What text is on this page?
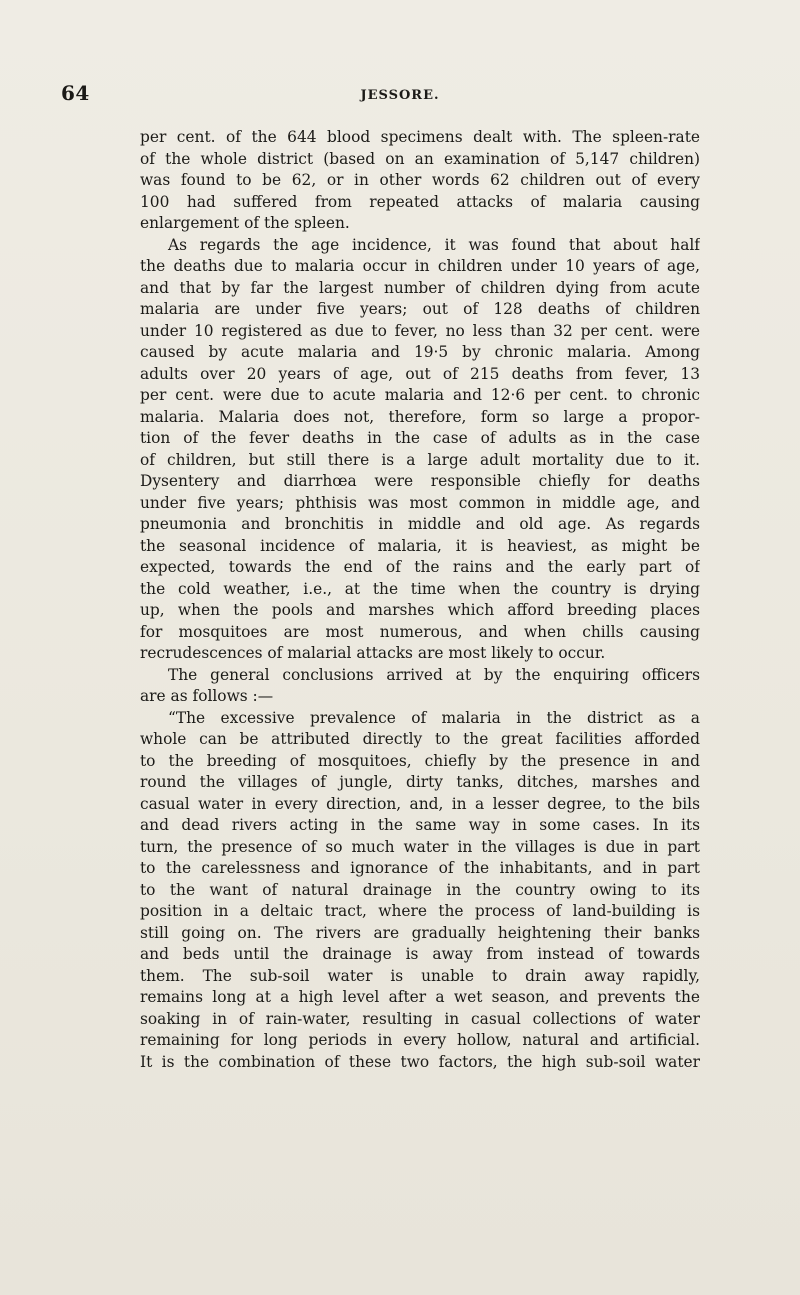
64	JESSORE.
per cent. of the 644 blood specimens dealt with. The spleen-rate
of the whole district (based on an examination of 5,147 children)
was found to be 62, or in other words 62 children out of every
100 had suffered from repeated attacks of malaria causing
enlargement of the spleen.
As regards the age incidence, it was found that about half
the deaths due to malaria occur in children under 10 years of age,
and that by far the largest number of children dying from acute
malaria are under five years; out of 128 deaths of children
under 10 registered as due to fever, no less than 32 per cent. were
caused by acute malaria and 19·5 by chronic malaria. Among
adults over 20 years of age, out of 215 deaths from fever, 13
per cent. were due to acute malaria and 12·6 per cent. to chronic
malaria. Malaria does not, therefore, form so large a propor-
tion of the fever deaths in the case of adults as in the case
of children, but still there is a large adult mortality due to it.
Dysentery and diarrhœa were responsible chiefly for deaths
under five years; phthisis was most common in middle age, and
pneumonia and bronchitis in middle and old age. As regards
the seasonal incidence of malaria, it is heaviest, as might be
expected, towards the end of the rains and the early part of
the cold weather, i.e., at the time when the country is drying
up, when the pools and marshes which afford breeding places
for mosquitoes are most numerous, and when chills causing
recrudescences of malarial attacks are most likely to occur.
The general conclusions arrived at by the enquiring officers
are as follows :—
“The excessive prevalence of malaria in the district as a
whole can be attributed directly to the great facilities afforded
to the breeding of mosquitoes, chiefly by the presence in and
round the villages of jungle, dirty tanks, ditches, marshes and
casual water in every direction, and, in a lesser degree, to the bils
and dead rivers acting in the same way in some cases. In its
turn, the presence of so much water in the villages is due in part
to the carelessness and ignorance of the inhabitants, and in part
to the want of natural drainage in the country owing to its
position in a deltaic tract, where the process of land-building is
still going on. The rivers are gradually heightening their banks
and beds until the drainage is away from instead of towards
them. The sub-soil water is unable to drain away rapidly,
remains long at a high level after a wet season, and prevents the
soaking in of rain-water, resulting in casual collections of water
remaining for long periods in every hollow, natural and artificial.
It is the combination of these two factors, the high sub-soil water
